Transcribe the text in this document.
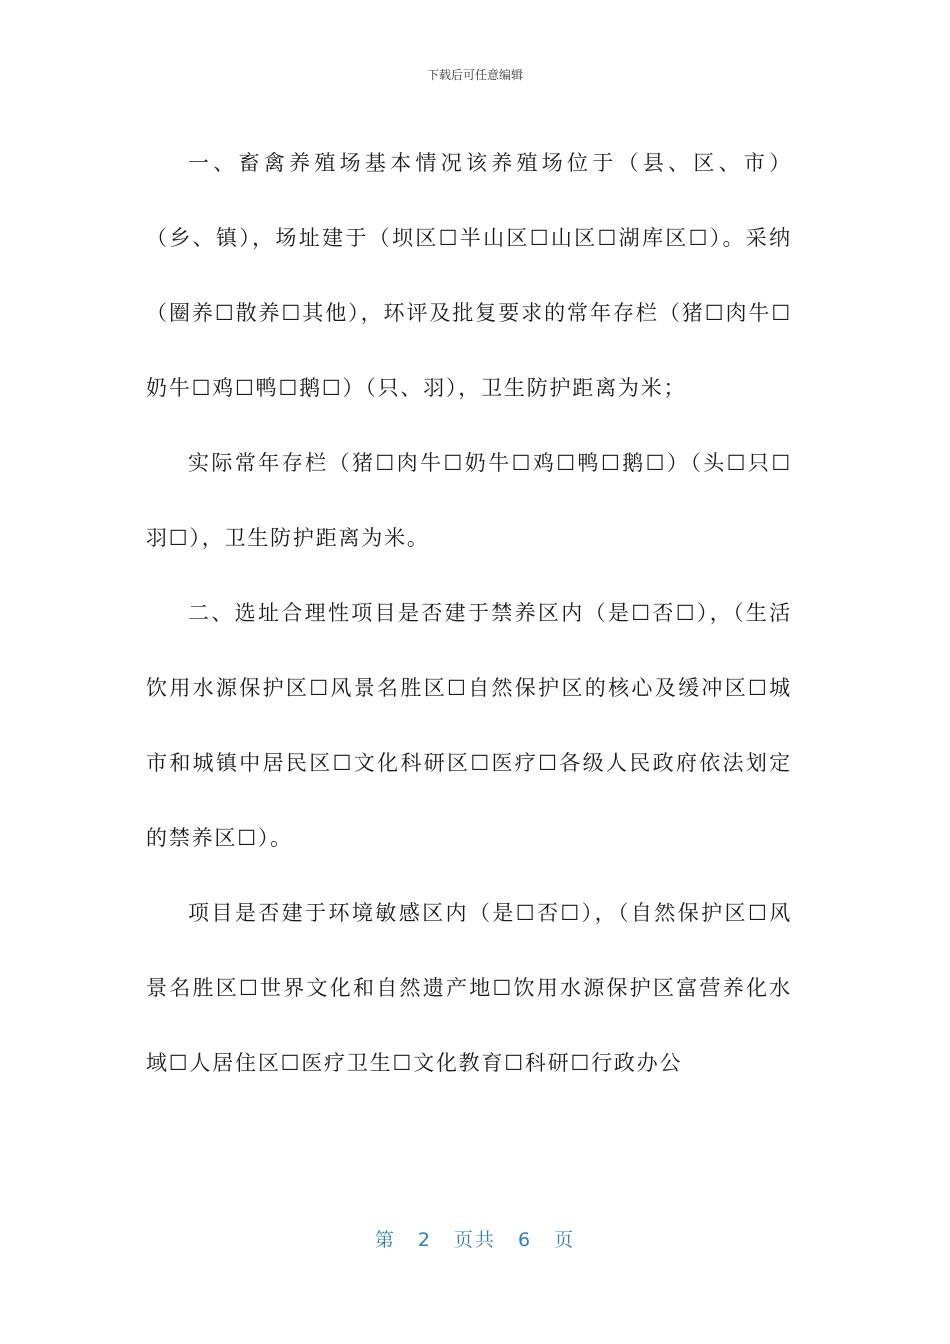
下载后可任意编辑

一、畜禽养殖场基本情况该养殖场位于（县、区、市）（乡、镇），场址建于（坝区☐半山区☐山区☐湖库区☐）。采纳（圈养☐散养☐其他），环评及批复要求的常年存栏（猪☐肉牛☐奶牛☐鸡☐鸭☐鹅☐）（只、羽），卫生防护距离为米；

实际常年存栏（猪☐肉牛☐奶牛☐鸡☐鸭☐鹅☐）（头☐只☐羽☐），卫生防护距离为米。

二、选址合理性项目是否建于禁养区内（是☐否☐），（生活饮用水源保护区☐风景名胜区☐自然保护区的核心及缓冲区☐城市和城镇中居民区☐文化科研区☐医疗☐各级人民政府依法划定的禁养区☐）。

项目是否建于环境敏感区内（是☐否☐），（自然保护区☐风景名胜区☐世界文化和自然遗产地☐饮用水源保护区富营养化水域☐人居住区☐医疗卫生☐文化教育☐科研☐行政办公

第 2 页共 6 页
